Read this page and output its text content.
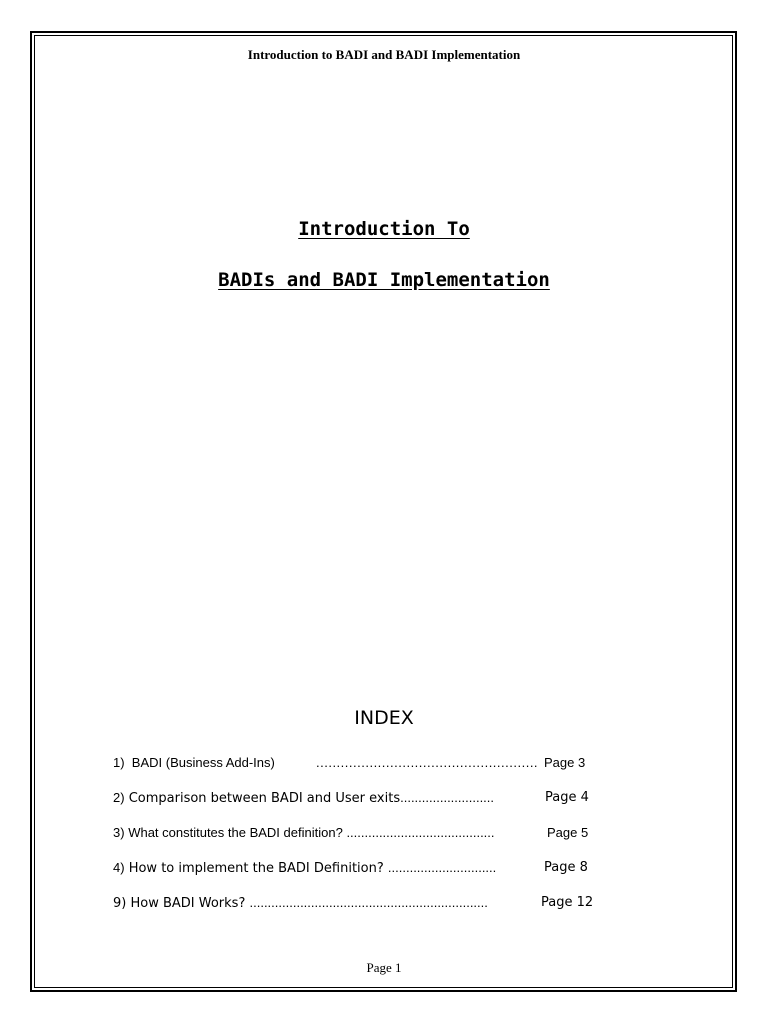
Introduction to BADI and BADI Implementation
Introduction To
BADIs and BADI Implementation
INDEX
1) BADI (Business Add-Ins)	...................................................... Page 3
2) Comparison between BADI and User exits..........................	Page 4
3) What constitutes the BADI definition? .........................................	Page 5
4) How to implement the BADI Definition? ..............................	Page 8
9) How BADI Works? ..................................................................	Page 12
Page 1
